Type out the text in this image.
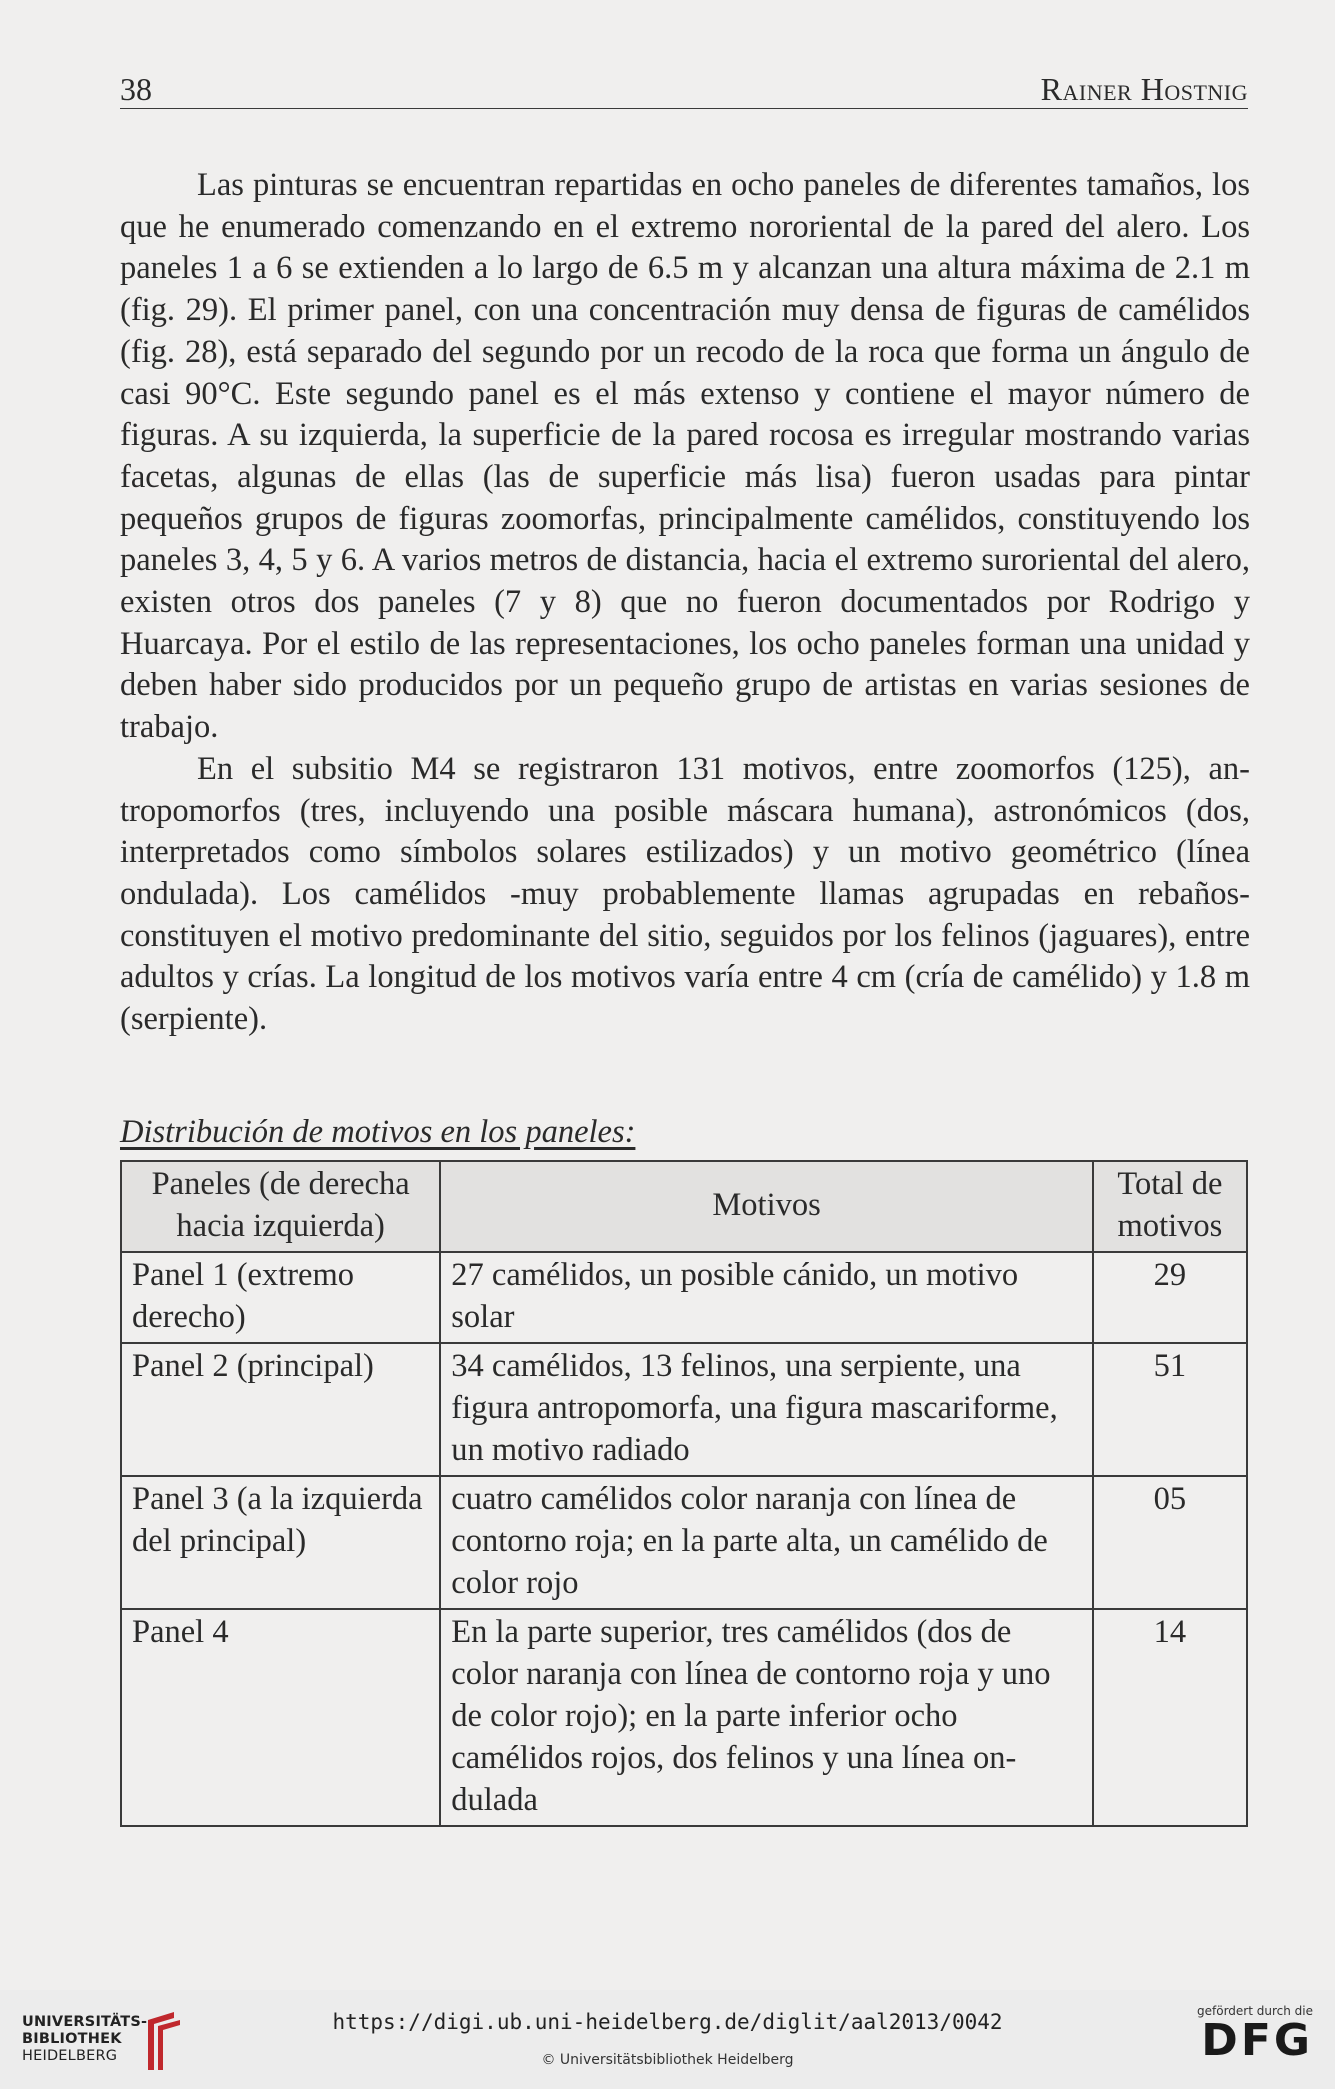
38	Rainer Hostnig

Las pinturas se encuentran repartidas en ocho paneles de diferentes tamaños, los que he enumerado comenzando en el extremo nororiental de la pared del alero. Los paneles 1 a 6 se extienden a lo largo de 6.5 m y alcanzan una altura máxima de 2.1 m (fig. 29). El primer panel, con una concentración muy densa de figuras de camélidos (fig. 28), está separado del segundo por un recodo de la roca que forma un ángulo de casi 90°C. Este segundo panel es el más extenso y contiene el mayor número de figuras. A su izquierda, la superficie de la pared rocosa es irregular mostrando varias facetas, algunas de ellas (las de superficie más lisa) fueron usadas para pintar pequeños grupos de figuras zoomorfas, principalmente camélidos, constituyendo los paneles 3, 4, 5 y 6. A varios metros de distancia, hacia el extremo suroriental del alero, existen otros dos paneles (7 y 8) que no fueron documentados por Rodrigo y Huarcaya. Por el estilo de las representaciones, los ocho paneles forman una unidad y deben haber sido producidos por un pequeño grupo de artistas en varias sesiones de trabajo.

En el subsitio M4 se registraron 131 motivos, entre zoomorfos (125), antropomorfos (tres, incluyendo una posible máscara humana), astronómicos (dos, interpretados como símbolos solares estilizados) y un motivo geométrico (línea ondulada). Los camélidos -muy probablemente llamas agrupadas en rebaños- constituyen el motivo predominante del sitio, seguidos por los felinos (jaguares), entre adultos y crías. La longitud de los motivos varía entre 4 cm (cría de camélido) y 1.8 m (serpiente).

Distribución de motivos en los paneles:
Paneles (de derecha hacia izquierda)	Motivos	Total de motivos
Panel 1 (extremo derecho)	27 camélidos, un posible cánido, un motivo solar	29
Panel 2 (principal)	34 camélidos, 13 felinos, una serpiente, una figura antropomorfa, una figura mascariforme, un motivo radiado	51
Panel 3 (a la izquierda del principal)	cuatro camélidos color naranja con línea de contorno roja; en la parte alta, un camélido de color rojo	05
Panel 4	En la parte superior, tres camélidos (dos de color naranja con línea de contorno roja y uno de color rojo); en la parte inferior ocho camélidos rojos, dos felinos y una línea ondulada	14
UNIVERSITÄTS-
BIBLIOTHEK
HEIDELBERG
https://digi.ub.uni-heidelberg.de/diglit/aal2013/0042
© Universitätsbibliothek Heidelberg
gefördert durch die
DFG
